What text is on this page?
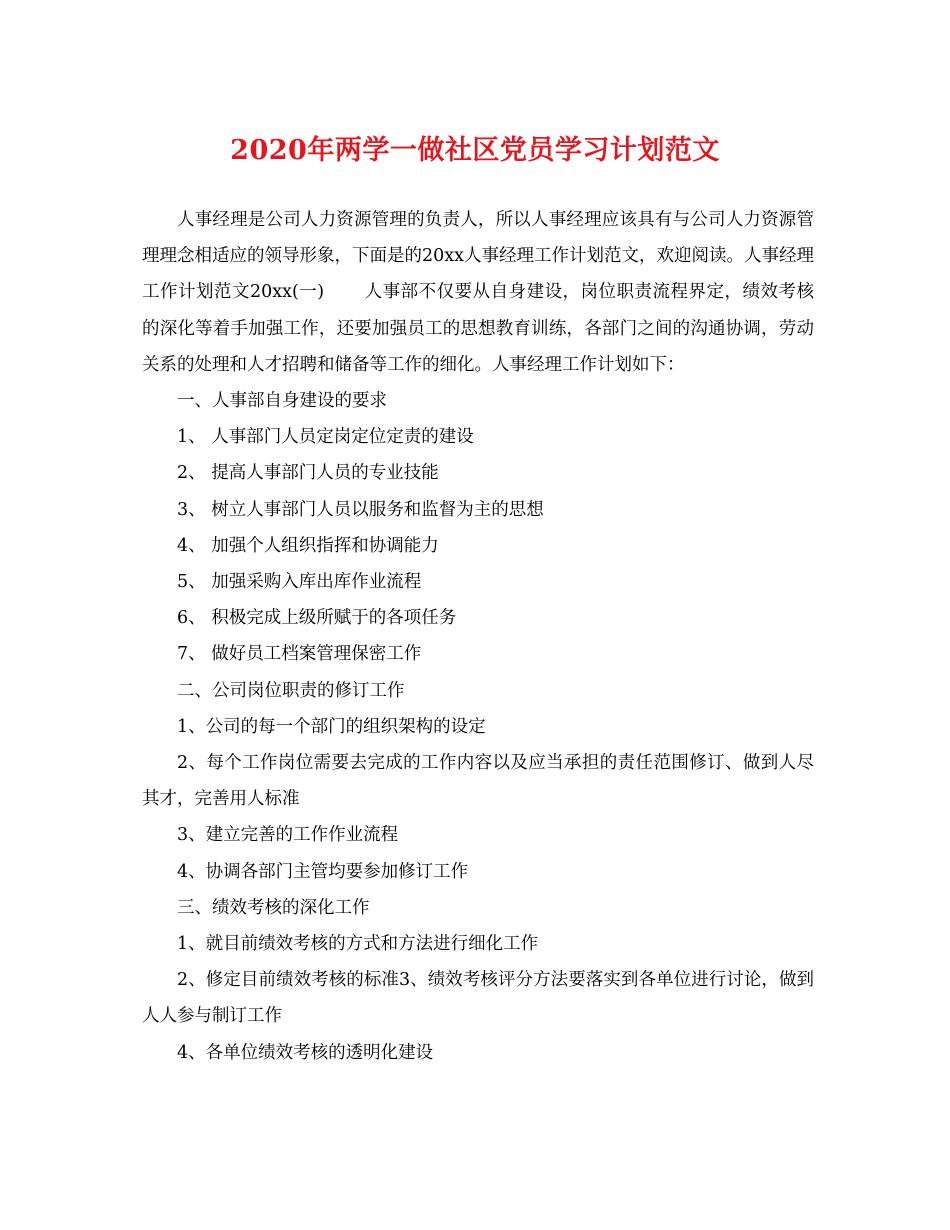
2020年两学一做社区党员学习计划范文

人事经理是公司人力资源管理的负责人，所以人事经理应该具有与公司人力资源管理理念相适应的领导形象，下面是的20xx人事经理工作计划范文，欢迎阅读。人事经理工作计划范文20xx(一) 人事部不仅要从自身建设，岗位职责流程界定，绩效考核的深化等着手加强工作，还要加强员工的思想教育训练，各部门之间的沟通协调，劳动关系的处理和人才招聘和储备等工作的细化。人事经理工作计划如下：

一、人事部自身建设的要求

1、 人事部门人员定岗定位定责的建设

2、 提高人事部门人员的专业技能

3、 树立人事部门人员以服务和监督为主的思想

4、 加强个人组织指挥和协调能力

5、 加强采购入库出库作业流程

6、 积极完成上级所赋于的各项任务

7、 做好员工档案管理保密工作

二、公司岗位职责的修订工作

1、公司的每一个部门的组织架构的设定

2、每个工作岗位需要去完成的工作内容以及应当承担的责任范围修订、做到人尽其才，完善用人标准

3、建立完善的工作作业流程

4、协调各部门主管均要参加修订工作

三、绩效考核的深化工作

1、就目前绩效考核的方式和方法进行细化工作

2、修定目前绩效考核的标准3、绩效考核评分方法要落实到各单位进行讨论，做到人人参与制订工作

4、各单位绩效考核的透明化建设
